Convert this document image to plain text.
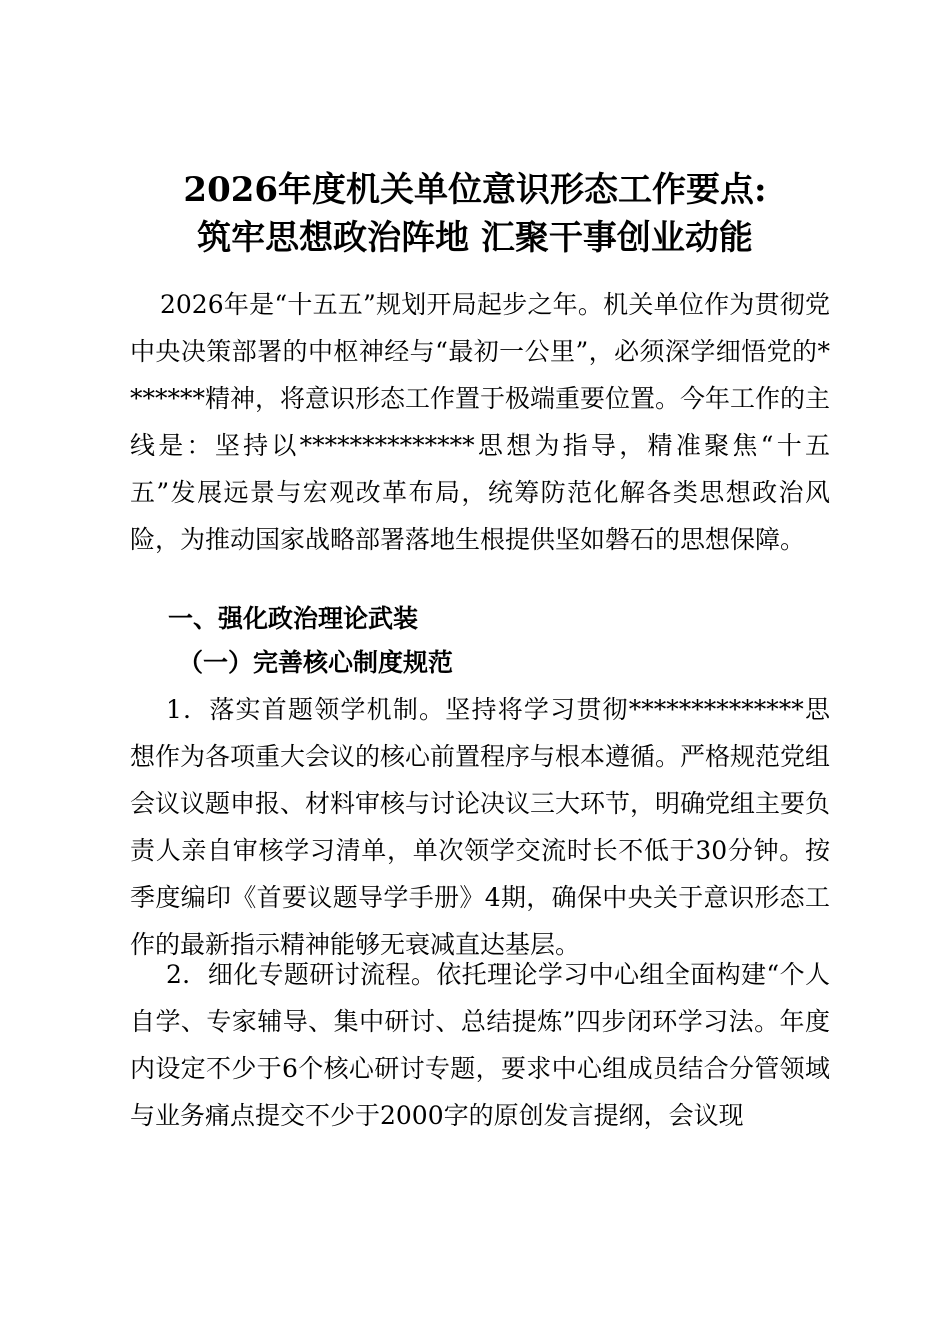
2026年度机关单位意识形态工作要点:
筑牢思想政治阵地 汇聚干事创业动能

2026年是“十五五”规划开局起步之年。机关单位作为贯彻党中央决策部署的中枢神经与“最初一公里”，必须深学细悟党的*******精神，将意识形态工作置于极端重要位置。今年工作的主线是：坚持以**************思想为指导，精准聚焦“十五五”发展远景与宏观改革布局，统筹防范化解各类思想政治风险，为推动国家战略部署落地生根提供坚如磐石的思想保障。

一、强化政治理论武装
（一）完善核心制度规范

1．落实首题领学机制。坚持将学习贯彻**************思想作为各项重大会议的核心前置程序与根本遵循。严格规范党组会议议题申报、材料审核与讨论决议三大环节，明确党组主要负责人亲自审核学习清单，单次领学交流时长不低于30分钟。按季度编印《首要议题导学手册》4期，确保中央关于意识形态工作的最新指示精神能够无衰减直达基层。

2．细化专题研讨流程。依托理论学习中心组全面构建“个人自学、专家辅导、集中研讨、总结提炼”四步闭环学习法。年度内设定不少于6个核心研讨专题，要求中心组成员结合分管领域与业务痛点提交不少于2000字的原创发言提纲，会议现
